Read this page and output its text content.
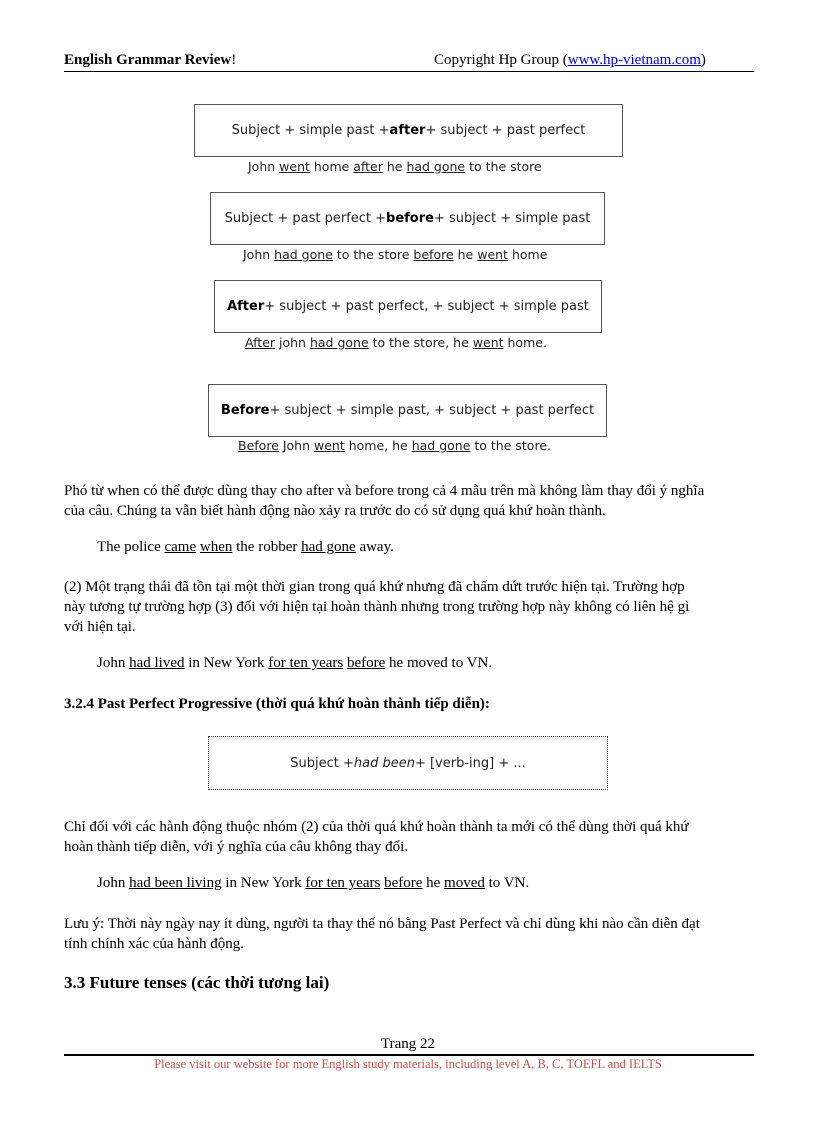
English Grammar Review!	Copyright Hp Group (www.hp-vietnam.com)
Subject + simple past + after + subject + past perfect
John went home after he had gone to the store
Subject + past perfect + before + subject + simple past
John had gone to the store before he went home
After + subject + past perfect, + subject + simple past
After john had gone to the store, he went home.
Before + subject + simple past, + subject + past perfect
Before John went home, he had gone to the store.
Phó từ when có thể được dùng thay cho after và before trong cả 4 mẫu trên mà không làm thay đổi ý nghĩa
của câu. Chúng ta vẫn biết hành động nào xảy ra trước do có sử dụng quá khứ hoàn thành.
The police came when the robber had gone away.
(2) Một trạng thái đã tồn tại một thời gian trong quá khứ nhưng đã chấm dứt trước hiện tại. Trường hợp
này tương tự trường hợp (3) đối với hiện tại hoàn thành nhưng trong trường hợp này không có liên hệ gì
với hiện tại.
John had lived in New York for ten years before he moved to VN.
3.2.4 Past Perfect Progressive (thời quá khứ hoàn thành tiếp diễn):
Subject + had been + [verb-ing] + ...
Chỉ đối với các hành động thuộc nhóm (2) của thời quá khứ hoàn thành ta mới có thể dùng thời quá khứ
hoàn thành tiếp diễn, với ý nghĩa của câu không thay đổi.
John had been living in New York for ten years before he moved to VN.
Lưu ý: Thời này ngày nay ít dùng, người ta thay thế nó bằng Past Perfect và chỉ dùng khi nào cần diễn đạt
tính chính xác của hành động.
3.3 Future tenses (các thời tương lai)
Trang 22
Please visit our website for more English study materials, including level A, B, C, TOEFL and IELTS
